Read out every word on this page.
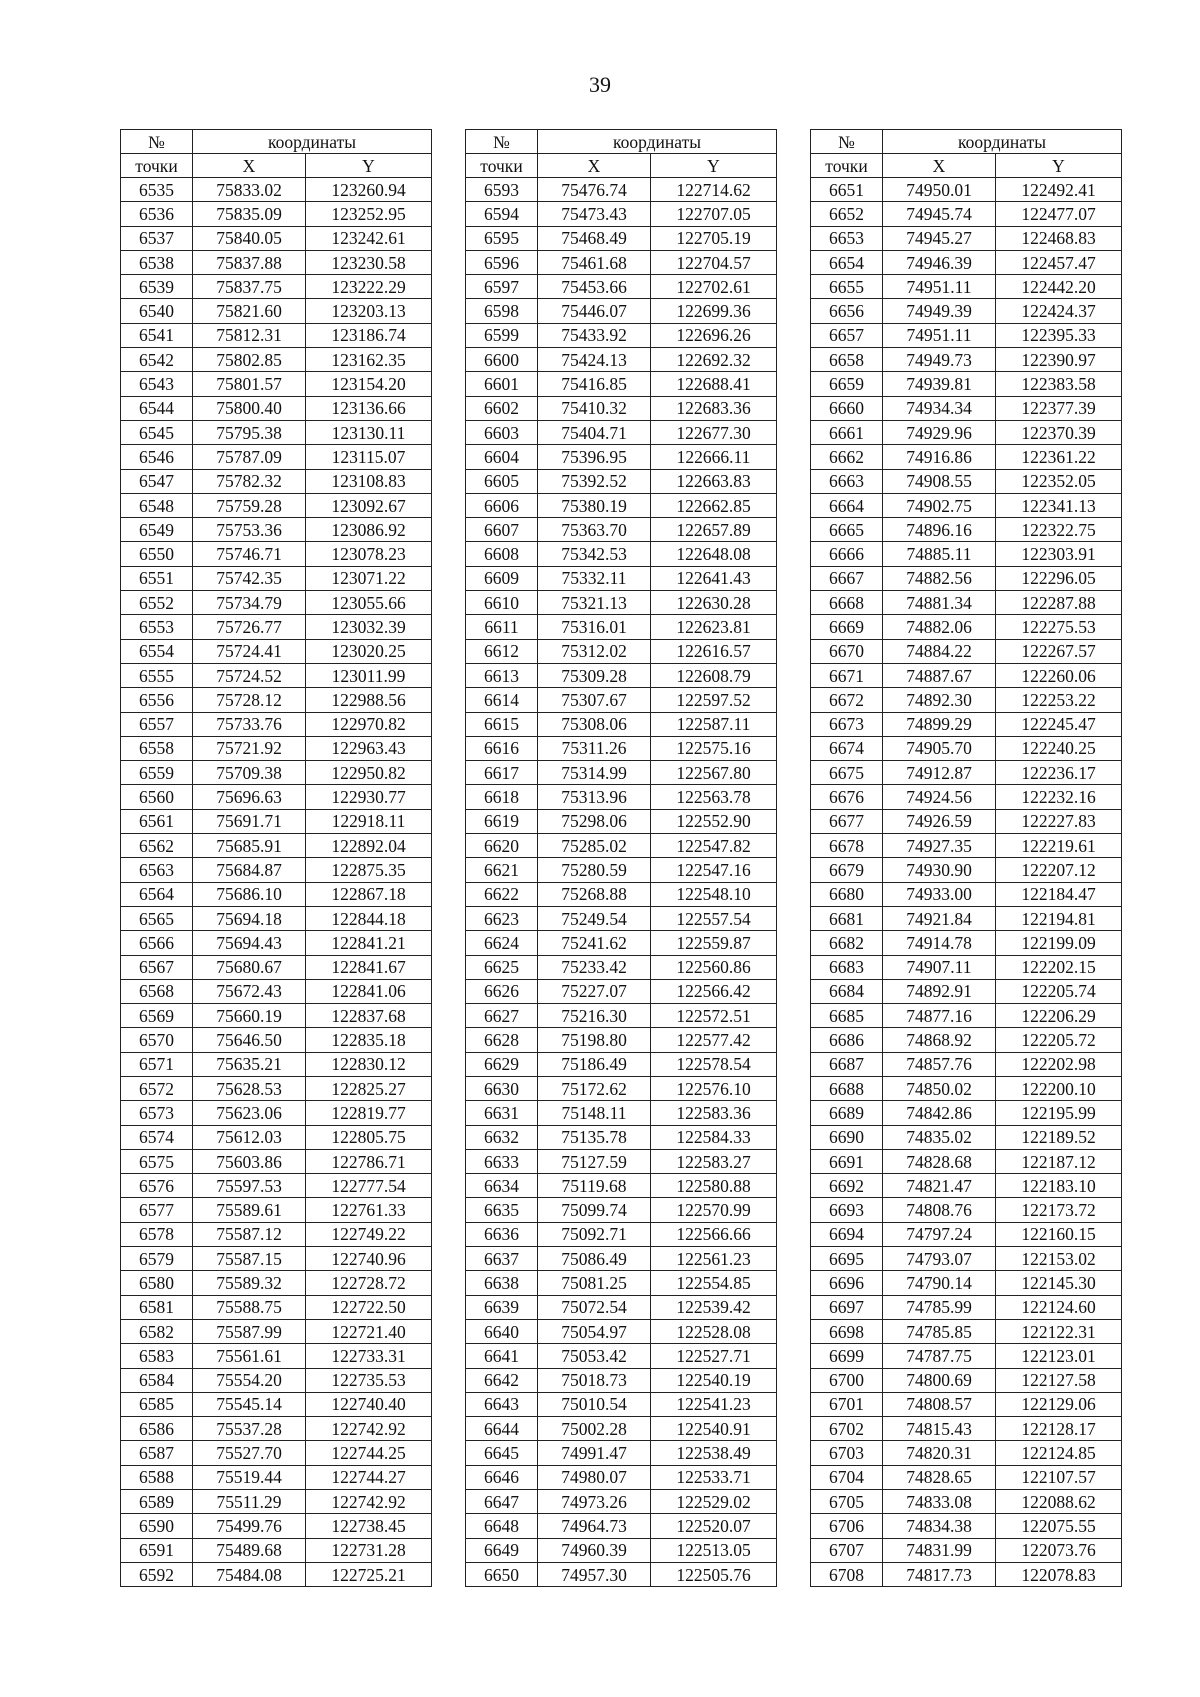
39
№	координаты	
точки	X	Y
6535	75833.02	123260.94
6536	75835.09	123252.95
6537	75840.05	123242.61
6538	75837.88	123230.58
6539	75837.75	123222.29
6540	75821.60	123203.13
6541	75812.31	123186.74
6542	75802.85	123162.35
6543	75801.57	123154.20
6544	75800.40	123136.66
6545	75795.38	123130.11
6546	75787.09	123115.07
6547	75782.32	123108.83
6548	75759.28	123092.67
6549	75753.36	123086.92
6550	75746.71	123078.23
6551	75742.35	123071.22
6552	75734.79	123055.66
6553	75726.77	123032.39
6554	75724.41	123020.25
6555	75724.52	123011.99
6556	75728.12	122988.56
6557	75733.76	122970.82
6558	75721.92	122963.43
6559	75709.38	122950.82
6560	75696.63	122930.77
6561	75691.71	122918.11
6562	75685.91	122892.04
6563	75684.87	122875.35
6564	75686.10	122867.18
6565	75694.18	122844.18
6566	75694.43	122841.21
6567	75680.67	122841.67
6568	75672.43	122841.06
6569	75660.19	122837.68
6570	75646.50	122835.18
6571	75635.21	122830.12
6572	75628.53	122825.27
6573	75623.06	122819.77
6574	75612.03	122805.75
6575	75603.86	122786.71
6576	75597.53	122777.54
6577	75589.61	122761.33
6578	75587.12	122749.22
6579	75587.15	122740.96
6580	75589.32	122728.72
6581	75588.75	122722.50
6582	75587.99	122721.40
6583	75561.61	122733.31
6584	75554.20	122735.53
6585	75545.14	122740.40
6586	75537.28	122742.92
6587	75527.70	122744.25
6588	75519.44	122744.27
6589	75511.29	122742.92
6590	75499.76	122738.45
6591	75489.68	122731.28
6592	75484.08	122725.21
№	координаты	
точки	X	Y
6593	75476.74	122714.62
6594	75473.43	122707.05
6595	75468.49	122705.19
6596	75461.68	122704.57
6597	75453.66	122702.61
6598	75446.07	122699.36
6599	75433.92	122696.26
6600	75424.13	122692.32
6601	75416.85	122688.41
6602	75410.32	122683.36
6603	75404.71	122677.30
6604	75396.95	122666.11
6605	75392.52	122663.83
6606	75380.19	122662.85
6607	75363.70	122657.89
6608	75342.53	122648.08
6609	75332.11	122641.43
6610	75321.13	122630.28
6611	75316.01	122623.81
6612	75312.02	122616.57
6613	75309.28	122608.79
6614	75307.67	122597.52
6615	75308.06	122587.11
6616	75311.26	122575.16
6617	75314.99	122567.80
6618	75313.96	122563.78
6619	75298.06	122552.90
6620	75285.02	122547.82
6621	75280.59	122547.16
6622	75268.88	122548.10
6623	75249.54	122557.54
6624	75241.62	122559.87
6625	75233.42	122560.86
6626	75227.07	122566.42
6627	75216.30	122572.51
6628	75198.80	122577.42
6629	75186.49	122578.54
6630	75172.62	122576.10
6631	75148.11	122583.36
6632	75135.78	122584.33
6633	75127.59	122583.27
6634	75119.68	122580.88
6635	75099.74	122570.99
6636	75092.71	122566.66
6637	75086.49	122561.23
6638	75081.25	122554.85
6639	75072.54	122539.42
6640	75054.97	122528.08
6641	75053.42	122527.71
6642	75018.73	122540.19
6643	75010.54	122541.23
6644	75002.28	122540.91
6645	74991.47	122538.49
6646	74980.07	122533.71
6647	74973.26	122529.02
6648	74964.73	122520.07
6649	74960.39	122513.05
6650	74957.30	122505.76
№	координаты	
точки	X	Y
6651	74950.01	122492.41
6652	74945.74	122477.07
6653	74945.27	122468.83
6654	74946.39	122457.47
6655	74951.11	122442.20
6656	74949.39	122424.37
6657	74951.11	122395.33
6658	74949.73	122390.97
6659	74939.81	122383.58
6660	74934.34	122377.39
6661	74929.96	122370.39
6662	74916.86	122361.22
6663	74908.55	122352.05
6664	74902.75	122341.13
6665	74896.16	122322.75
6666	74885.11	122303.91
6667	74882.56	122296.05
6668	74881.34	122287.88
6669	74882.06	122275.53
6670	74884.22	122267.57
6671	74887.67	122260.06
6672	74892.30	122253.22
6673	74899.29	122245.47
6674	74905.70	122240.25
6675	74912.87	122236.17
6676	74924.56	122232.16
6677	74926.59	122227.83
6678	74927.35	122219.61
6679	74930.90	122207.12
6680	74933.00	122184.47
6681	74921.84	122194.81
6682	74914.78	122199.09
6683	74907.11	122202.15
6684	74892.91	122205.74
6685	74877.16	122206.29
6686	74868.92	122205.72
6687	74857.76	122202.98
6688	74850.02	122200.10
6689	74842.86	122195.99
6690	74835.02	122189.52
6691	74828.68	122187.12
6692	74821.47	122183.10
6693	74808.76	122173.72
6694	74797.24	122160.15
6695	74793.07	122153.02
6696	74790.14	122145.30
6697	74785.99	122124.60
6698	74785.85	122122.31
6699	74787.75	122123.01
6700	74800.69	122127.58
6701	74808.57	122129.06
6702	74815.43	122128.17
6703	74820.31	122124.85
6704	74828.65	122107.57
6705	74833.08	122088.62
6706	74834.38	122075.55
6707	74831.99	122073.76
6708	74817.73	122078.83
